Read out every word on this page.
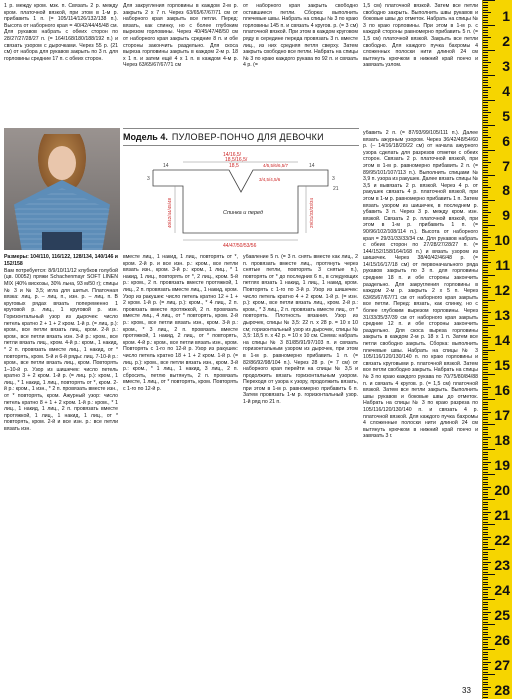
1 р. между кром. мзк. п. Связать 2 р. между кром. платочной вязкой, при этом в 1-м р. прибавить 1 п. (= 105/114/126/132/138 п.). Высота от наборного края = 40/42/44/45/48 см. Для рукавов набрать с обеих сторон по 28/27/27/28/27 п. (= 164/168/180/188/192 п.) и связать узором с дырочками. Через 55 р. (21 см) от набора для рукавов закрыть по 3 п. для горловины средние 17 п. с обеих сторон.

Для закругления горловины в каждом 2-м р. закрыть 2 х 7 п. Через 63/65/67/67/71 см от наборного края закрыть все петли. Перед: вязать, как спинку, но с более глубоким вырезом горловины. Через 40/45/47/48/50 см от наборного края закрыть средние 8 п. и обе стороны закончить раздельно. Для скоса выреза горловины закрыть в каждом 2-м р. 18 x 1 п. и затем ещё 4 х 1 п. в каждом 4-м р. Через 63/65/67/67/71 см

от наборного края закрыть свободно оставшиеся петли. Сборка: выполнить плечевые швы. Набрать на спицы № 3 по краю горловины 145 п. и связать 4 кругов. р. (= 3 см) платочной вязкой. При этом в каждом круговом ряду в середине переда провязать 3 п. вместе лиц., из них средняя петля сверху. Затем закрыть свободно все петли. Набрать на спицы № 3 по краю каждого рукава по 92 п. и связать 4 р. (=

1,5 см) платочной вязкой. Затем все петли свободно закрыть. Выполнить швы рукавов и боковые швы до отметок. Набрать на спицы № 3 по краю горловины. При этом в 1-м р. с каждой стороны равномерно прибавить 5 п. (= 1,5 см) платочной вязкой. Закрыть все петли свободно. Для каждого пучка бахромы 4 сложенных полоски нити длиной 24 см вытянуть крючком в нижний край пончо и завязать узлом.

Модель 4. ПУЛОВЕР-ПОНЧО ДЛЯ ДЕВОЧКИ
14/16,5/
18,5/16,5/
18,5
3	3
14	14
4/5,5/6/6,5/7
3/4,5/4,5/6
21
Спинка и перед
44/47/50/53/56
40/42/44/45/48	29/31/33/33/34

Размеры: 104/110, 116/122, 128/134, 140/146 и 152/158

Вам потребуется: 8/9/10/11/12 клубков голубой (цв. 00052) пряжи Schachenmayr SOFT LINEN MIX (40% вискозы, 30% льна, 93 м/50 г); спицы № 3 и № 3,5; игла для шитья. Платочная вязка: лиц. р. – лиц. п., изн. р. – лиц. п. В круговых рядах вязать попеременно 1 круговой р. лиц., 1 круговой р. изн. Горизонтальный узор из дырочек: число петель кратно 2 + 1 + 2 кром. 1-й р. (= лиц. р.): кром., все петли вязать лиц., кром. 2-й р.: кром., все петли вязать изн. 3-й р.: кром., все петли вязать лиц., кром. 4-й р.: кром., 1 накид, * 2 п. провязать вместе лиц., 1 накид, от * повторять, кром. 5-й и 6-й ряды: лиц. 7-10-й р.: кром., все петли вязать лиц., кром. Повторять 1–10-й р. Узор из шишечек: число петель кратно 3 + 2 кром. 1-й р. (= лиц. р.): кром., 1 лиц., * 1 накид, 1 лиц., повторять от *, кром. 2-й р.: кром., 1 изн., * 2 п. провязать вместе изн., от * повторять, кром. Ажурный узор: число петель кратно 8 + 1 + 2 кром. 1-й р.: кром., * 1 лиц., 1 накид, 1 лиц., 2 п. провязать вместе протяжкой, 1 лиц., 1 накид, 1 лиц., от * повторять, кром. 2-й и все изн. р.: все петли вязать изн.

вместе лиц., 1 накид, 1 лиц., повторять от *, кром. 2-й р. и все изн. р.: кром., все петли вязать изн., кром. 3-й р.: кром., 1 лиц., * 1 накид, 1 лиц., повторять от *, 2 лиц., кром. 5-й р.: кром., 2 п. провязать вместе протяжкой, 1 лиц., 2 п. провязать вместе лиц., 1 накид, кром. Узор из ракушек: число петель кратно 12 + 1 + 2 кром. 1-й р. (= лиц. р.): кром., * 4 лиц., 2 п. провязать вместе протяжкой, 2 п. провязать вместе лиц., 4 лиц., от * повторять, кром. 2-й р.: кром., все петли вязать изн., кром. 3-й р.: кром., * 3 лиц., 2 п. провязать вместе протяжкой, 1 накид, 2 лиц., от * повторять, кром. 4-й р.: кром., все петли вязать изн., кром. Повторять с 1-го по 12-й р. Узор из ракушек: число петель кратно 18 + 1 + 2 кром. 1-й р. (= лиц. р.): кром., все петли вязать изн., кром. 3-й р.: кром., * 1 лиц., 1 накид, 3 лиц., 2 п. сбросить, петлю вытянуть, 2 п. провязать вместе, 1 лиц., от * повторять, кром. Повторять с 1-го по 12-й р.

убавление 5 п. (= 3 п. снять вместе как лиц., 2 п. провязать вместе лиц., протянуть через снятые петли, повторять 3 снятые п.), повторять от * до последних 6 п., в следующих петлях вязать 1 накид, 1 лиц., 1 накид, кром. Повторять с 1-го по 3-й р. Узор из шишечек: число петель кратно 4 + 2 кром. 1-й р. (= изн. р.): кром., все петли вязать лиц., кром. 2-й р.: кром., * 3 лиц., 2 п. провязать вместе лиц., от * повторять. Плотность вязания. Узор из дырочек, спицы № 3,5: 22 п. х 28 р. = 10 х 10 см; горизонтальный узор из дырочек, спицы № 3,5: 18,5 п. х 42 р. = 10 х 10 см. Схема: набрать на спицы № 3 81/85/91/97/103 п. и связать горизонтальным узором из дырочек, при этом в 1-м р. равномерно прибавить 1 п. (= 82/86/92/98/104 п.). Через 28 р. (= 7 см) от наборного края перейти на спицы № 3,5 и продолжить вязать горизонтальным узором. Переходя от узора к узору, продолжить вязать, при этом в 1-м р. равномерно прибавить 6 п. Затем провязать 1-м р. горизонтальный узор. 1-й ряд по 21 п.

убавить 2 п. (= 87/93/99/105/111 п.). Далее вязать ажурным узором. Через 36/42/48/54/60 р. (– 14/16/18/20/22 см) от начала ажурного узора сделать для разрезов отметки с обеих сторон. Связать 2 р. платочной вязкой, при этом в 1-м р. равномерно прибавить 2 п. (= 89/95/101/107/113 п.). Выполнить спицами № 3,9 п. узора из ракушек. Далее вязать спицы № 3,5 и вывязать 2 р. вязкой. Через 4 р. от ракушек связать 4 р. платочной вязкой, при этом в 1-м р. равномерно прибавить 1 п. Затем вязать узором из шишечек, в последнем р. убавить 3 п. Через 3 р. между кром. изн. вязкой. Связать 2 р. платочной вязкой, при этом в 1-м р. прибавить 1 п. (= 90/96/102/108/114 п.). Высота от наборного края = 29/31/33/33/34 см. Для рукавов набрать с обеих сторон по 27/28/27/28/27 п. (= 144/152/158/164/168 п.) и вязать узором из шишечек. Через 38/40/42/46/48 р. (= 14/15/16/17/18 см) от первоначального ряда рукавов закрыть по 3 п. для горловины средние 18 п. и обе стороны закончить раздельно. Для закругления горловины в каждом 2-м р. закрыть 2 х 5 п. Через 63/65/67/67/71 см от наборного края закрыть все петли. Перед: вязать, как спинку, но с более глубоким вырезом горловины. Через 31/33/35/37/39 см от наборного края закрыть средние 12 п. и обе стороны закончить раздельно. Для скоса выреза горловины закрыть в каждом 2-м р. 18 x 1 п. Затем все петли свободно закрыть. Сборка: выполнить плечевые швы. Набрать на спицы № 3 105/116/120/130/140 п. по краю горловины и связать круговыми р. платочной вязкой. Затем все петли свободно закрыть. Набрать на спицы № 3 по краю каждого рукава по 70/75/80/84/88 п. и связать 4 кругов. р. (= 1,5 см) платочной вязкой. Затем все петли закрыть. Выполнить швы рукавов и боковые швы до отметок. Набрать на спицы № 3 по краю разреза по 105/116/120/130/140 п. и связать 4 р. платочной вязкой. Для каждого пучка бахромы 4 сложенные полоски нити длиной 24 см вытянуть крючком в нижний край пончо и завязать 3 г.

33
1
2
3
4
5
6
7
8
9
10
11
12
13
14
15
16
17
18
19
20
21
22
23
24
25
26
27
28
